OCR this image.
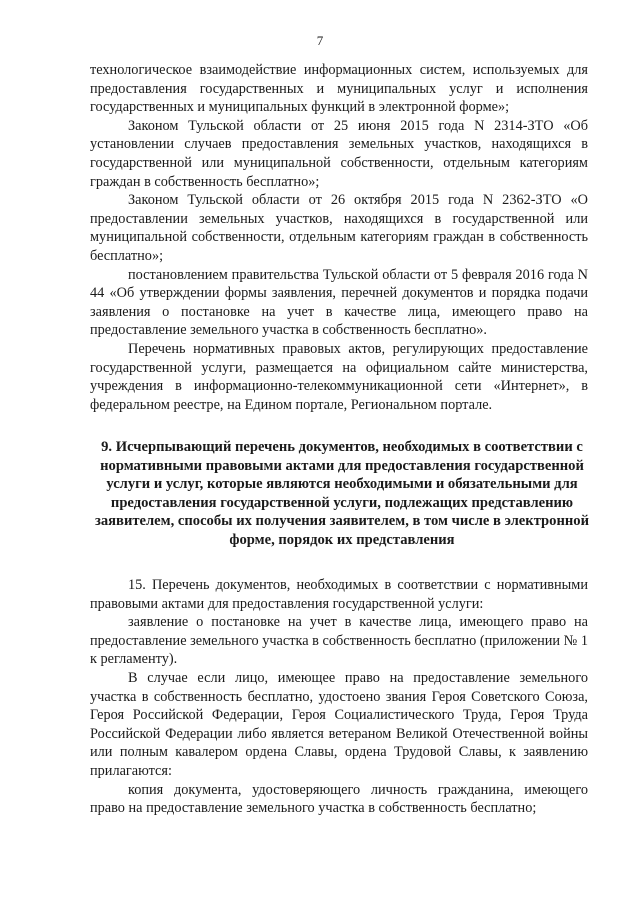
7

технологическое взаимодействие информационных систем, используемых для предоставления государственных и муниципальных услуг и исполнения государственных и муниципальных функций в электронной форме»;

Законом Тульской области от 25 июня 2015 года N 2314-ЗТО «Об установлении случаев предоставления земельных участков, находящихся в государственной или муниципальной собственности, отдельным категориям граждан в собственность бесплатно»;

Законом Тульской области от 26 октября 2015 года N 2362-ЗТО «О предоставлении земельных участков, находящихся в государственной или муниципальной собственности, отдельным категориям граждан в собственность бесплатно»;

постановлением правительства Тульской области от 5 февраля 2016 года N 44 «Об утверждении формы заявления, перечней документов и порядка подачи заявления о постановке на учет в качестве лица, имеющего право на предоставление земельного участка в собственность бесплатно».

Перечень нормативных правовых актов, регулирующих предоставление государственной услуги, размещается на официальном сайте министерства, учреждения в информационно-телекоммуникационной сети «Интернет», в федеральном реестре, на Едином портале, Региональном портале.

9. Исчерпывающий перечень документов, необходимых в соответствии с нормативными правовыми актами для предоставления государственной услуги и услуг, которые являются необходимыми и обязательными для предоставления государственной услуги, подлежащих представлению заявителем, способы их получения заявителем, в том числе в электронной форме, порядок их представления

15. Перечень документов, необходимых в соответствии с нормативными правовыми актами для предоставления государственной услуги:

заявление о постановке на учет в качестве лица, имеющего право на предоставление земельного участка в собственность бесплатно (приложении № 1 к регламенту).

В случае если лицо, имеющее право на предоставление земельного участка в собственность бесплатно, удостоено звания Героя Советского Союза, Героя Российской Федерации, Героя Социалистического Труда, Героя Труда Российской Федерации либо является ветераном Великой Отечественной войны или полным кавалером ордена Славы, ордена Трудовой Славы, к заявлению прилагаются:

копия документа, удостоверяющего личность гражданина, имеющего право на предоставление земельного участка в собственность бесплатно;
